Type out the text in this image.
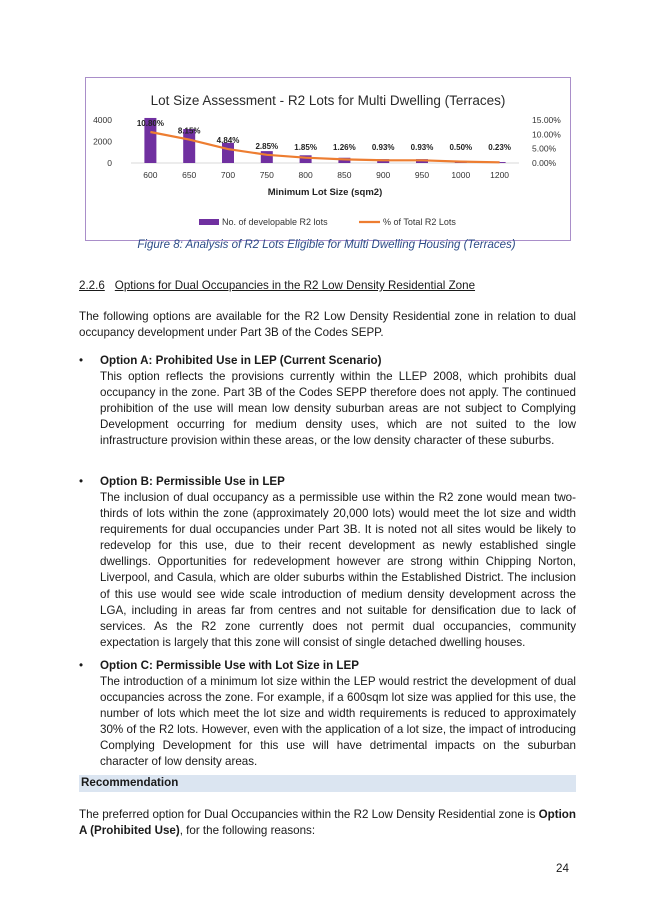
Lot Size Assessment - R2 Lots for Multi Dwelling (Terraces)
4000
2000
0
15.00%
10.00%
5.00%
0.00%
10.80%
8.15%
4.84%
2.85% 1.85% 1.26% 0.93% 0.93% 0.50% 0.23%
600	650	700	750	800	850	900	950	1000 1200
Minimum Lot Size (sqm2)
No. of developable R2 lots	% of Total R2 Lots
Figure 8: Analysis of R2 Lots Eligible for Multi Dwelling Housing (Terraces)
2.2.6 Options for Dual Occupancies in the R2 Low Density Residential Zone

The following options are available for the R2 Low Density Residential zone in relation to dual occupancy development under Part 3B of the Codes SEPP.

• Option A: Prohibited Use in LEP (Current Scenario)

This option reflects the provisions currently within the LLEP 2008, which prohibits dual occupancy in the zone. Part 3B of the Codes SEPP therefore does not apply. The continued prohibition of the use will mean low density suburban areas are not subject to Complying Development occurring for medium density uses, which are not suited to the low infrastructure provision within these areas, or the low density character of these suburbs.

• Option B: Permissible Use in LEP

The inclusion of dual occupancy as a permissible use within the R2 zone would mean two-thirds of lots within the zone (approximately 20,000 lots) would meet the lot size and width requirements for dual occupancies under Part 3B. It is noted not all sites would be likely to redevelop for this use, due to their recent development as newly established single dwellings. Opportunities for redevelopment however are strong within Chipping Norton, Liverpool, and Casula, which are older suburbs within the Established District. The inclusion of this use would see wide scale introduction of medium density development across the LGA, including in areas far from centres and not suitable for densification due to lack of services. As the R2 zone currently does not permit dual occupancies, community expectation is largely that this zone will consist of single detached dwelling houses.

• Option C: Permissible Use with Lot Size in LEP

The introduction of a minimum lot size within the LEP would restrict the development of dual occupancies across the zone. For example, if a 600sqm lot size was applied for this use, the number of lots which meet the lot size and width requirements is reduced to approximately 30% of the R2 lots. However, even with the application of a lot size, the impact of introducing Complying Development for this use will have detrimental impacts on the suburban character of low density areas.

Recommendation

The preferred option for Dual Occupancies within the R2 Low Density Residential zone is Option A (Prohibited Use), for the following reasons:

24
